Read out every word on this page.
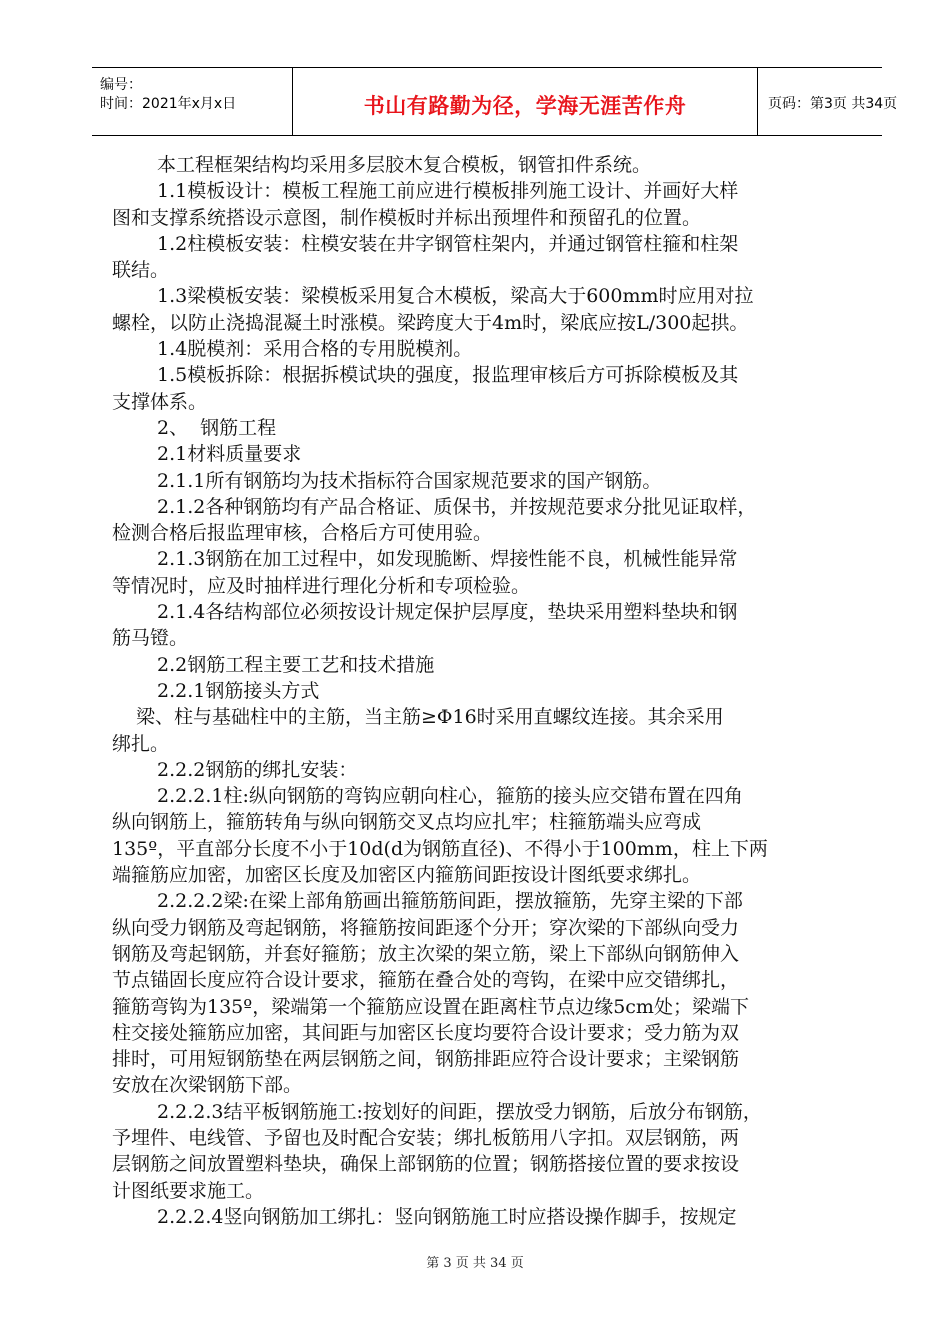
编号：
时间：2021年x月x日	书山有路勤为径，学海无涯苦作舟	页码：第3页 共34页

本工程框架结构均采用多层胶木复合模板，钢管扣件系统。

1.1模板设计：模板工程施工前应进行模板排列施工设计、并画好大样

图和支撑系统搭设示意图，制作模板时并标出预埋件和预留孔的位置。

1.2柱模板安装：柱模安装在井字钢管柱架内，并通过钢管柱箍和柱架

联结。

1.3梁模板安装：梁模板采用复合木模板，梁高大于600mm时应用对拉

螺栓，以防止浇捣混凝土时涨模。梁跨度大于4m时，梁底应按L/300起拱。

1.4脱模剂：采用合格的专用脱模剂。

1.5模板拆除：根据拆模试块的强度，报监理审核后方可拆除模板及其

支撑体系。

2、  钢筋工程

2.1材料质量要求

2.1.1所有钢筋均为技术指标符合国家规范要求的国产钢筋。

2.1.2各种钢筋均有产品合格证、质保书，并按规范要求分批见证取样，

检测合格后报监理审核，合格后方可使用验。

2.1.3钢筋在加工过程中，如发现脆断、焊接性能不良，机械性能异常

等情况时，应及时抽样进行理化分析和专项检验。

2.1.4各结构部位必须按设计规定保护层厚度，垫块采用塑料垫块和钢

筋马镫。

2.2钢筋工程主要工艺和技术措施

2.2.1钢筋接头方式

梁、柱与基础柱中的主筋，当主筋≥Φ16时采用直螺纹连接。其余采用

绑扎。

2.2.2钢筋的绑扎安装：

2.2.2.1柱:纵向钢筋的弯钩应朝向柱心，箍筋的接头应交错布置在四角

纵向钢筋上，箍筋转角与纵向钢筋交叉点均应扎牢；柱箍筋端头应弯成

135º，平直部分长度不小于10d(d为钢筋直径)、不得小于100mm，柱上下两

端箍筋应加密，加密区长度及加密区内箍筋间距按设计图纸要求绑扎。

2.2.2.2梁:在梁上部角筋画出箍筋筋间距，摆放箍筋，先穿主梁的下部

纵向受力钢筋及弯起钢筋，将箍筋按间距逐个分开；穿次梁的下部纵向受力

钢筋及弯起钢筋，并套好箍筋；放主次梁的架立筋，梁上下部纵向钢筋伸入

节点锚固长度应符合设计要求，箍筋在叠合处的弯钩，在梁中应交错绑扎，

箍筋弯钩为135º，梁端第一个箍筋应设置在距离柱节点边缘5cm处；梁端下

柱交接处箍筋应加密，其间距与加密区长度均要符合设计要求；受力筋为双

排时，可用短钢筋垫在两层钢筋之间，钢筋排距应符合设计要求；主梁钢筋

安放在次梁钢筋下部。

2.2.2.3结平板钢筋施工:按划好的间距，摆放受力钢筋，后放分布钢筋，

予埋件、电线管、予留也及时配合安装；绑扎板筋用八字扣。双层钢筋，两

层钢筋之间放置塑料垫块，确保上部钢筋的位置；钢筋搭接位置的要求按设

计图纸要求施工。

2.2.2.4竖向钢筋加工绑扎：竖向钢筋施工时应搭设操作脚手，按规定

第 3 页 共 34 页
